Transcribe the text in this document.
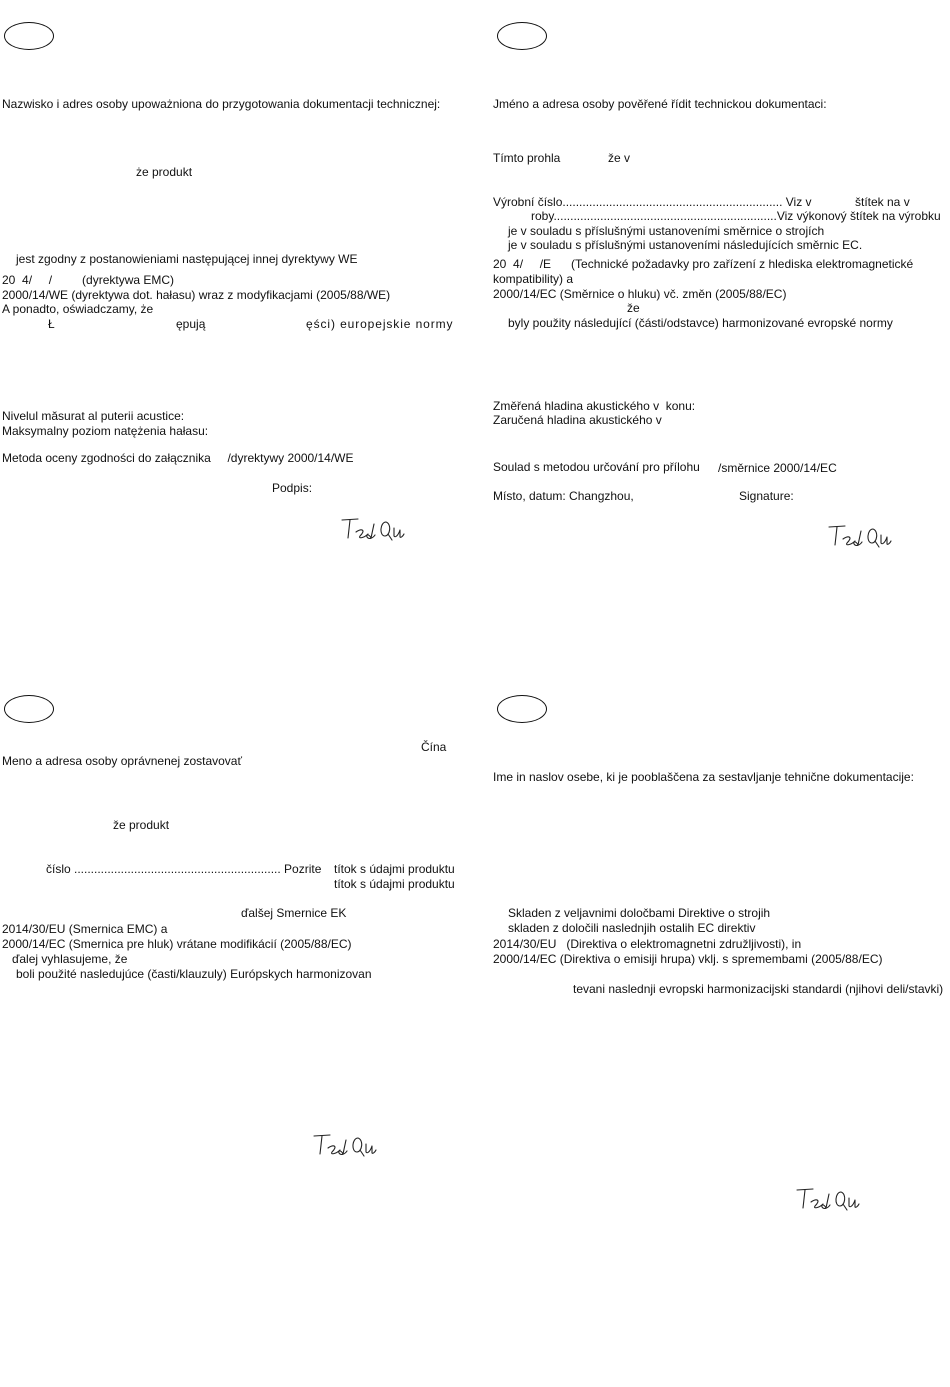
Nazwisko i adres osoby upoważniona do przygotowania dokumentacji technicznej:
że produkt
jest zgodny z postanowieniami następującej innej dyrektywy WE
20  4/     /         (dyrektywa EMC)
2000/14/WE (dyrektywa dot. hałasu) wraz z modyfikacjami (2005/88/WE)
A ponadto, oświadczamy, że
Ł	ępują	ęści) europejskie normy
Nivelul măsurat al puterii acustice:
Maksymalny poziom natężenia hałasu:
Metoda oceny zgodności do załącznika     /dyrektywy 2000/14/WE
Podpis:
Jméno a adresa osoby pověřené řídit technickou dokumentaci:
Tímto prohla	že v
Výrobní číslo.................................................................. Viz v	štítek na v
roby...................................................................Viz výkonový štítek na výrobku
je v souladu s příslušnými ustanoveními směrnice o strojích
je v souladu s příslušnými ustanoveními následujících směrnic EC.
20  4/     /E      (Technické požadavky pro zařízení z hlediska elektromagnetické
kompatibility) a
2000/14/EC (Směrnice o hluku) vč. změn (2005/88/EC)
že
byly použity následující (části/odstavce) harmonizované evropské normy
Změřená hladina akustického v  konu:
Zaručená hladina akustického v
Soulad s metodou určování pro přílohu /směrnice 2000/14/EC
Místo, datum: Changzhou,	Signature:
Čína
Meno a adresa osoby oprávnenej zostavovať
že produkt
číslo .............................................................. Pozrite títok s údajmi produktu
títok s údajmi produktu
ďalšej Smernice EK
2014/30/EU (Smernica EMC) a
2000/14/EC (Smernica pre hluk) vrátane modifikácií (2005/88/EC)
ďalej vyhlasujeme, že
boli použité nasledujúce (časti/klauzuly) Európskych harmonizovan
Ime in naslov osebe, ki je pooblaščena za sestavljanje tehnične dokumentacije:
Skladen z veljavnimi določbami Direktive o strojih
skladen z določili naslednjih ostalih EC direktiv
2014/30/EU   (Direktiva o elektromagnetni združljivosti), in
2000/14/EC (Direktiva o emisiji hrupa) vklj. s spremembami (2005/88/EC)
tevani naslednji evropski harmonizacijski standardi (njihovi deli/stavki)
